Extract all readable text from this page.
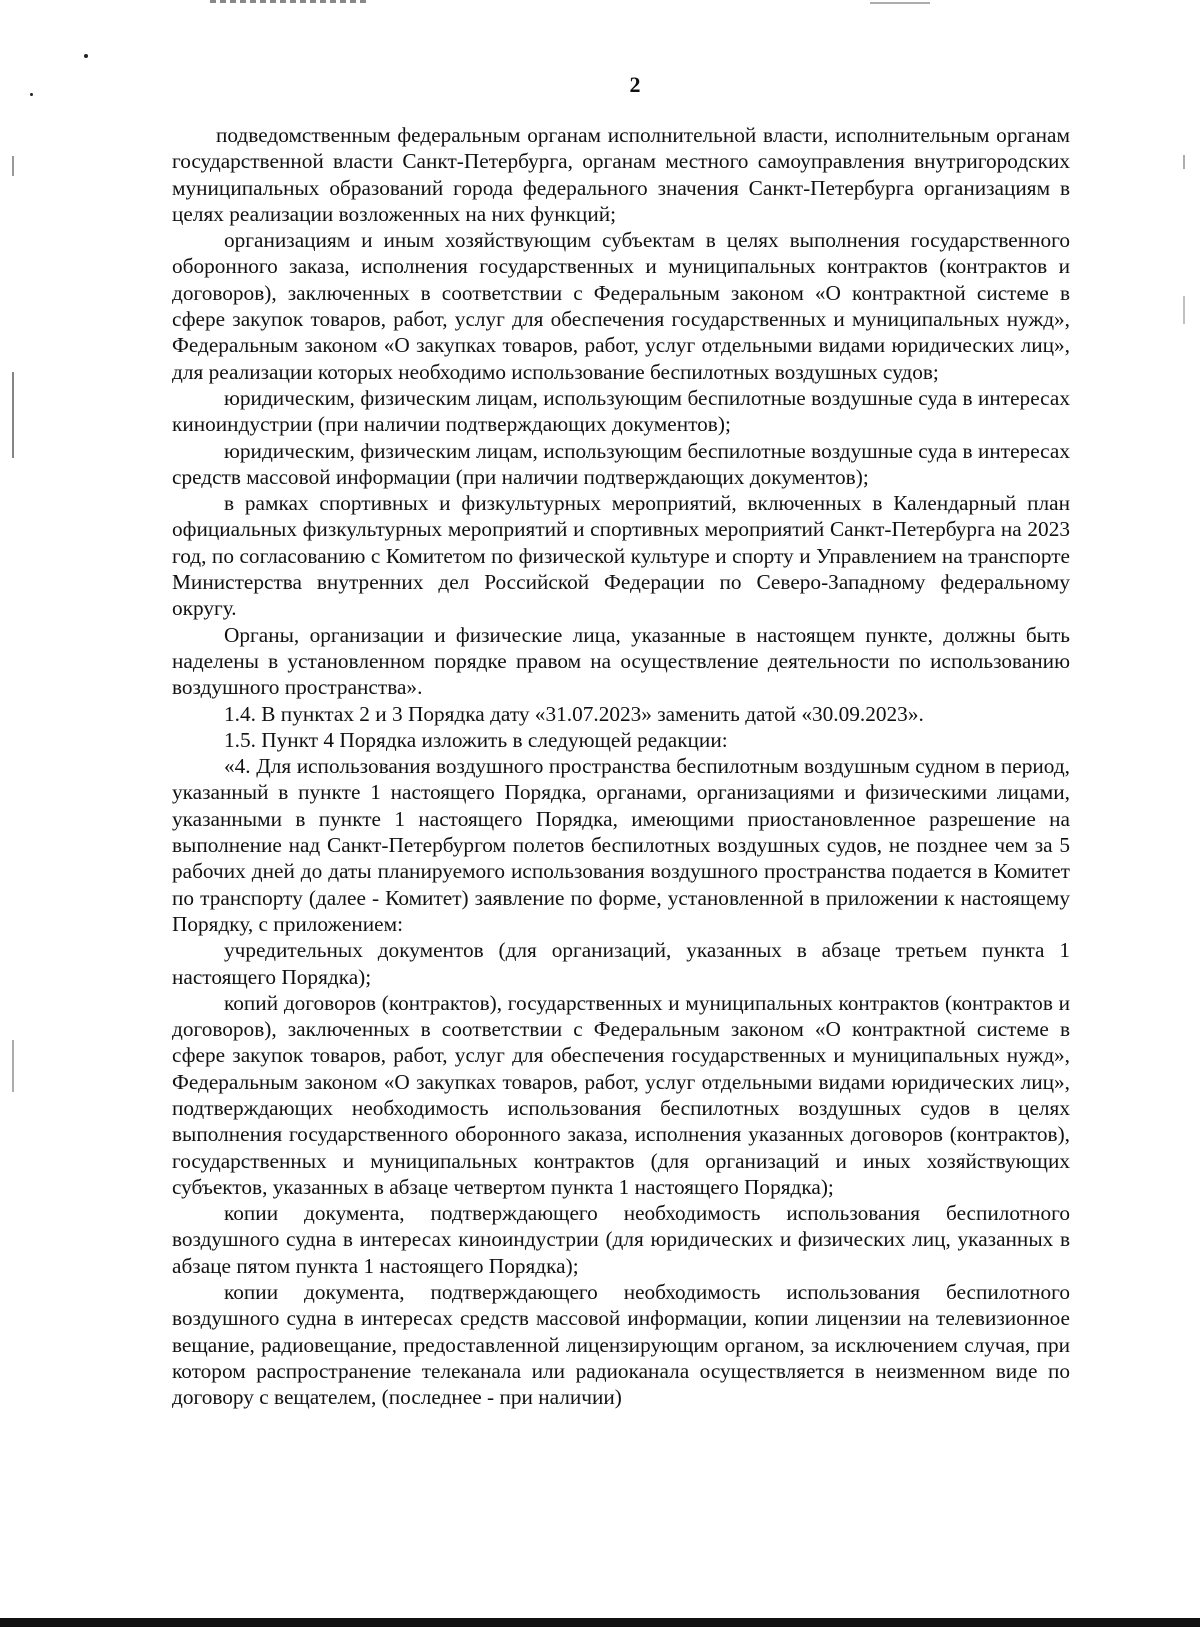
2

подведомственным федеральным органам исполнительной власти, исполнительным органам государственной власти Санкт-Петербурга, органам местного самоуправления внутригородских муниципальных образований города федерального значения Санкт-Петербурга организациям в целях реализации возложенных на них функций;

организациям и иным хозяйствующим субъектам в целях выполнения государственного оборонного заказа, исполнения государственных и муниципальных контрактов (контрактов и договоров), заключенных в соответствии с Федеральным законом «О контрактной системе в сфере закупок товаров, работ, услуг для обеспечения государственных и муниципальных нужд», Федеральным законом «О закупках товаров, работ, услуг отдельными видами юридических лиц», для реализации которых необходимо использование беспилотных воздушных судов;

юридическим, физическим лицам, использующим беспилотные воздушные суда в интересах киноиндустрии (при наличии подтверждающих документов);

юридическим, физическим лицам, использующим беспилотные воздушные суда в интересах средств массовой информации (при наличии подтверждающих документов);

в рамках спортивных и физкультурных мероприятий, включенных в Календарный план официальных физкультурных мероприятий и спортивных мероприятий Санкт-Петербурга на 2023 год, по согласованию с Комитетом по физической культуре и спорту и Управлением на транспорте Министерства внутренних дел Российской Федерации по Северо-Западному федеральному округу.

Органы, организации и физические лица, указанные в настоящем пункте, должны быть наделены в установленном порядке правом на осуществление деятельности по использованию воздушного пространства».

1.4. В пунктах 2 и 3 Порядка дату «31.07.2023» заменить датой «30.09.2023».

1.5. Пункт 4 Порядка изложить в следующей редакции:

«4. Для использования воздушного пространства беспилотным воздушным судном в период, указанный в пункте 1 настоящего Порядка, органами, организациями и физическими лицами, указанными в пункте 1 настоящего Порядка, имеющими приостановленное разрешение на выполнение над Санкт-Петербургом полетов беспилотных воздушных судов, не позднее чем за 5 рабочих дней до даты планируемого использования воздушного пространства подается в Комитет по транспорту (далее - Комитет) заявление по форме, установленной в приложении к настоящему Порядку, с приложением:

учредительных документов (для организаций, указанных в абзаце третьем пункта 1 настоящего Порядка);

копий договоров (контрактов), государственных и муниципальных контрактов (контрактов и договоров), заключенных в соответствии с Федеральным законом «О контрактной системе в сфере закупок товаров, работ, услуг для обеспечения государственных и муниципальных нужд», Федеральным законом «О закупках товаров, работ, услуг отдельными видами юридических лиц», подтверждающих необходимость использования беспилотных воздушных судов в целях выполнения государственного оборонного заказа, исполнения указанных договоров (контрактов), государственных и муниципальных контрактов (для организаций и иных хозяйствующих субъектов, указанных в абзаце четвертом пункта 1 настоящего Порядка);

копии документа, подтверждающего необходимость использования беспилотного воздушного судна в интересах киноиндустрии (для юридических и физических лиц, указанных в абзаце пятом пункта 1 настоящего Порядка);

копии документа, подтверждающего необходимость использования беспилотного воздушного судна в интересах средств массовой информации, копии лицензии на телевизионное вещание, радиовещание, предоставленной лицензирующим органом, за исключением случая, при котором распространение телеканала или радиоканала осуществляется в неизменном виде по договору с вещателем, (последнее - при наличии)
